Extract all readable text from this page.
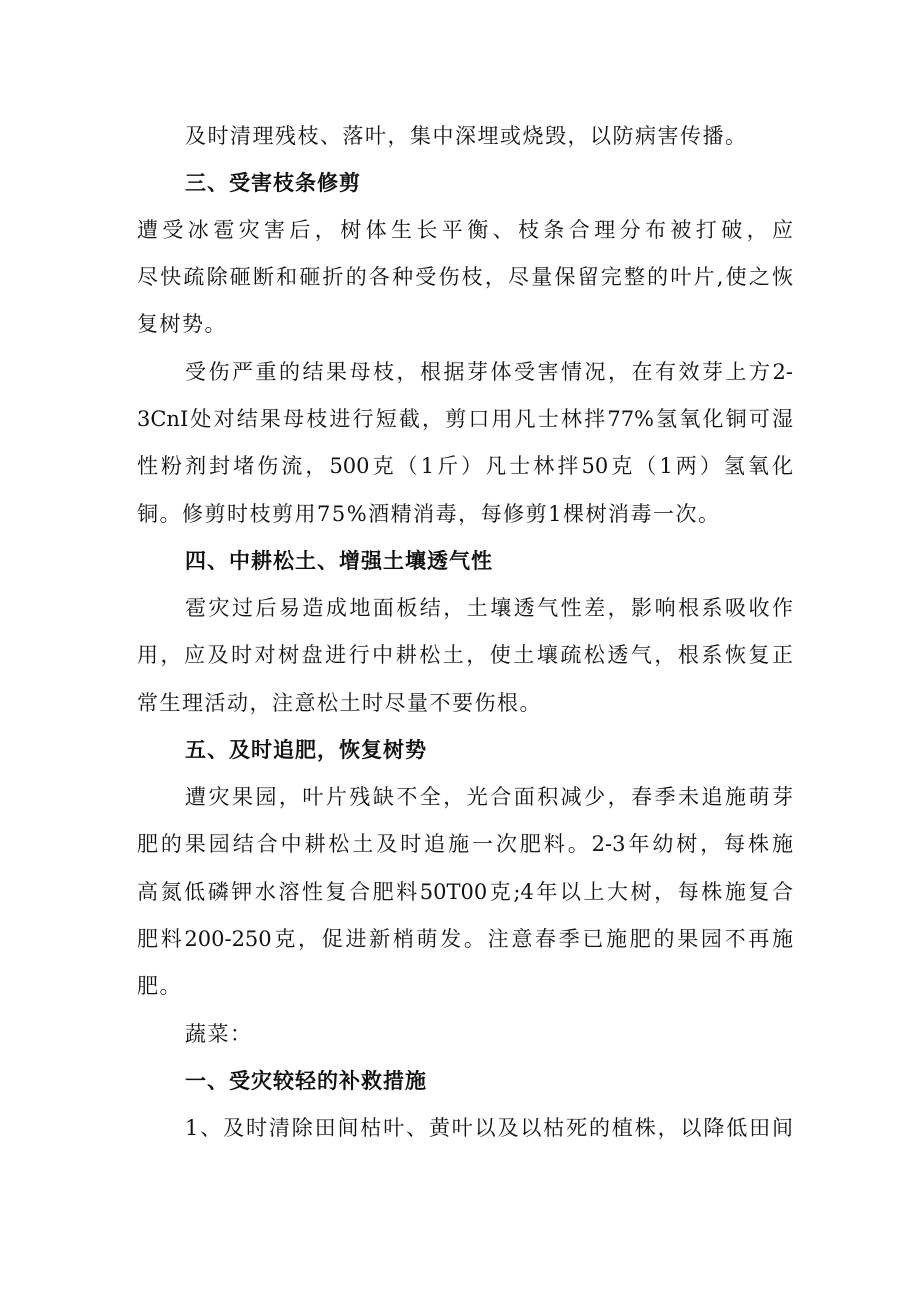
及时清理残枝、落叶，集中深埋或烧毁，以防病害传播。
三、受害枝条修剪
遭受冰雹灾害后，树体生长平衡、枝条合理分布被打破，应
尽快疏除砸断和砸折的各种受伤枝，尽量保留完整的叶片,使之恢
复树势。
受伤严重的结果母枝，根据芽体受害情况，在有效芽上方2-
3CnI处对结果母枝进行短截，剪口用凡士林拌77%氢氧化铜可湿
性粉剂封堵伤流，500克（1斤）凡士林拌50克（1两）氢氧化
铜。修剪时枝剪用75%酒精消毒，每修剪1棵树消毒一次。
四、中耕松土、增强土壤透气性
雹灾过后易造成地面板结，土壤透气性差，影响根系吸收作
用，应及时对树盘进行中耕松土，使土壤疏松透气，根系恢复正
常生理活动，注意松土时尽量不要伤根。
五、及时追肥，恢复树势
遭灾果园，叶片残缺不全，光合面积减少，春季未追施萌芽
肥的果园结合中耕松土及时追施一次肥料。2-3年幼树，每株施
高氮低磷钾水溶性复合肥料50T00克;4年以上大树，每株施复合
肥料200-250克，促进新梢萌发。注意春季已施肥的果园不再施
肥。
蔬菜：
一、受灾较轻的补救措施
1、及时清除田间枯叶、黄叶以及以枯死的植株，以降低田间
